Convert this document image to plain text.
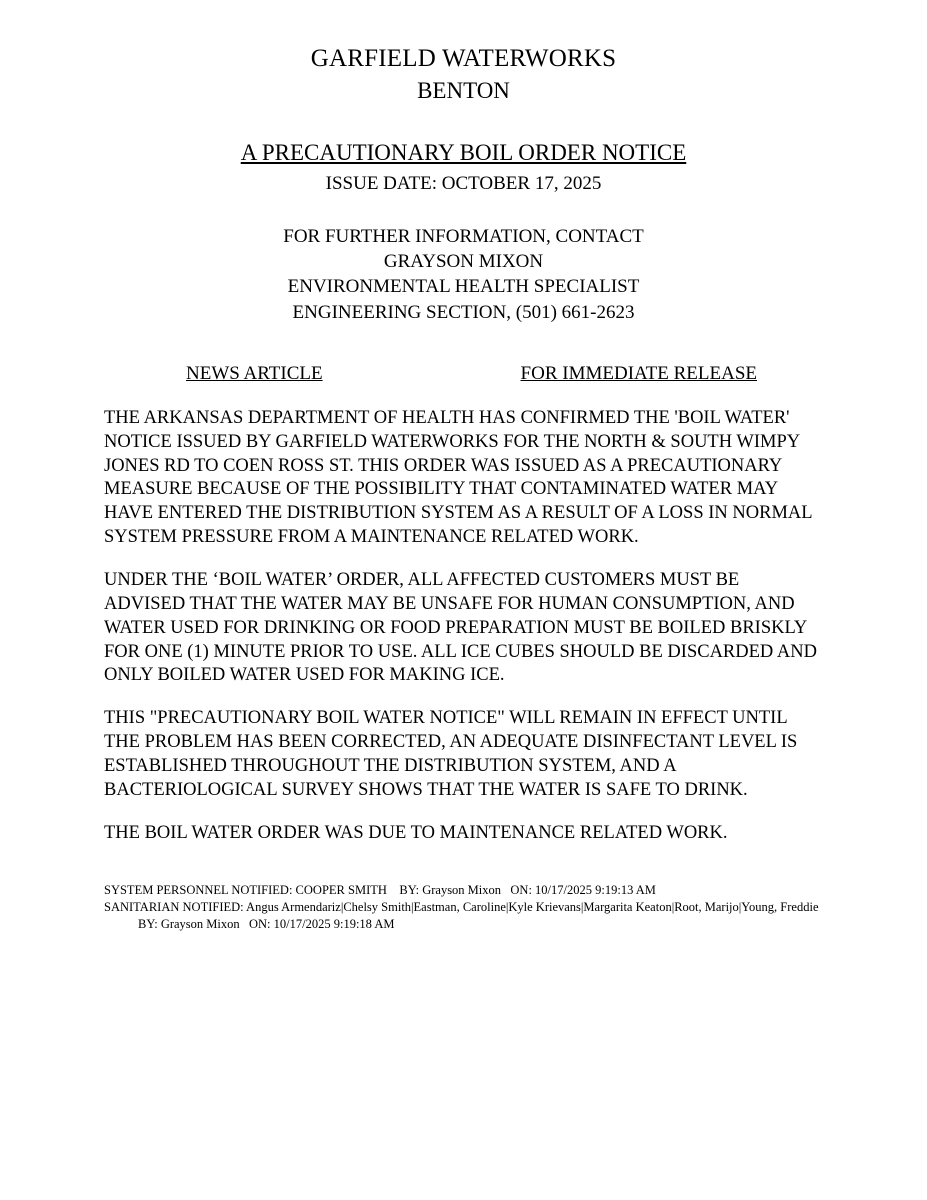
GARFIELD WATERWORKS
BENTON
A PRECAUTIONARY BOIL ORDER NOTICE
ISSUE DATE: OCTOBER 17, 2025
FOR FURTHER INFORMATION, CONTACT
GRAYSON MIXON
ENVIRONMENTAL HEALTH SPECIALIST
ENGINEERING SECTION, (501) 661-2623
NEWS ARTICLE	FOR IMMEDIATE RELEASE

THE ARKANSAS DEPARTMENT OF HEALTH HAS CONFIRMED THE 'BOIL WATER' NOTICE ISSUED BY GARFIELD WATERWORKS FOR THE NORTH & SOUTH WIMPY JONES RD TO COEN ROSS ST. THIS ORDER WAS ISSUED AS A PRECAUTIONARY MEASURE BECAUSE OF THE POSSIBILITY THAT CONTAMINATED WATER MAY HAVE ENTERED THE DISTRIBUTION SYSTEM AS A RESULT OF A LOSS IN NORMAL SYSTEM PRESSURE FROM A MAINTENANCE RELATED WORK.

UNDER THE ‘BOIL WATER’ ORDER, ALL AFFECTED CUSTOMERS MUST BE ADVISED THAT THE WATER MAY BE UNSAFE FOR HUMAN CONSUMPTION, AND WATER USED FOR DRINKING OR FOOD PREPARATION MUST BE BOILED BRISKLY FOR ONE (1) MINUTE PRIOR TO USE. ALL ICE CUBES SHOULD BE DISCARDED AND ONLY BOILED WATER USED FOR MAKING ICE.

THIS "PRECAUTIONARY BOIL WATER NOTICE" WILL REMAIN IN EFFECT UNTIL THE PROBLEM HAS BEEN CORRECTED, AN ADEQUATE DISINFECTANT LEVEL IS ESTABLISHED THROUGHOUT THE DISTRIBUTION SYSTEM, AND A BACTERIOLOGICAL SURVEY SHOWS THAT THE WATER IS SAFE TO DRINK.

THE BOIL WATER ORDER WAS DUE TO MAINTENANCE RELATED WORK.

SYSTEM PERSONNEL NOTIFIED: COOPER SMITH    BY: Grayson Mixon   ON: 10/17/2025 9:19:13 AM
SANITARIAN NOTIFIED: Angus Armendariz|Chelsy Smith|Eastman, Caroline|Kyle Krievans|Margarita Keaton|Root, Marijo|Young, Freddie
BY: Grayson Mixon   ON: 10/17/2025 9:19:18 AM
